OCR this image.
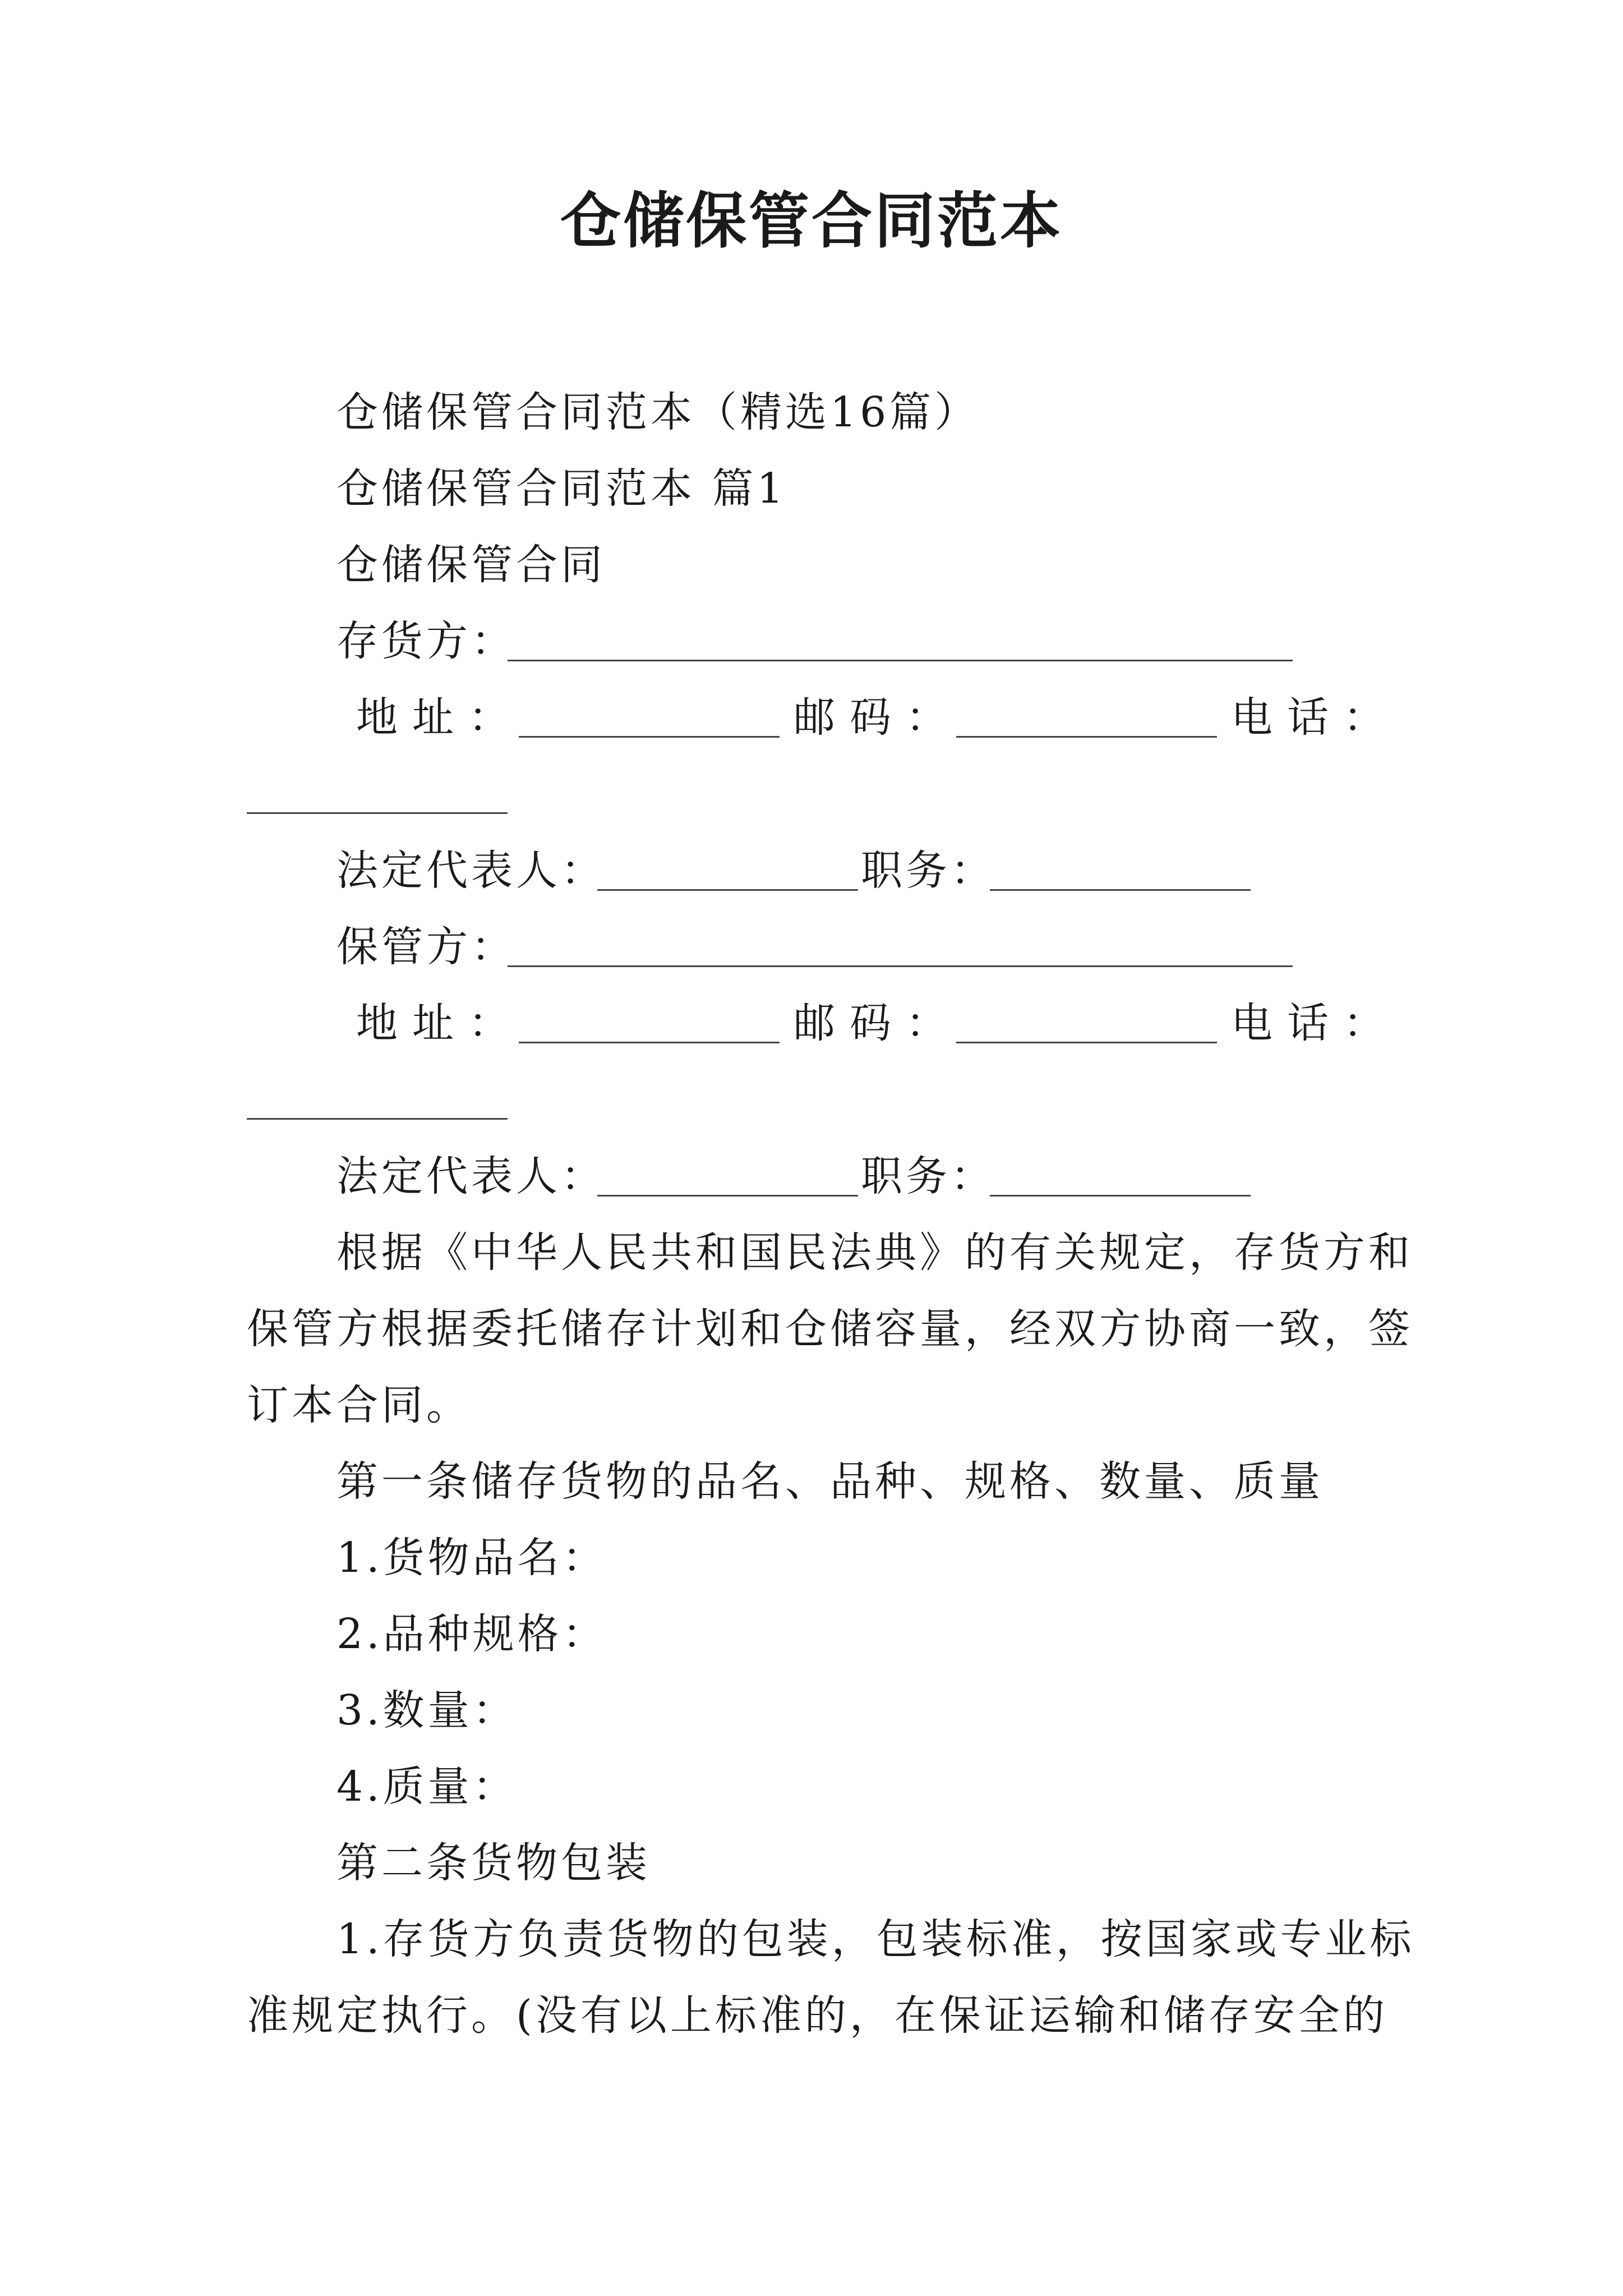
仓储保管合同范本
仓储保管合同范本（精选16篇）
仓储保管合同范本 篇1
仓储保管合同
存货方：
地址：	邮码：	电话：
法定代表人：	职务：
保管方：
地址：	邮码：	电话：
法定代表人：	职务：
根据《中华人民共和国民法典》的有关规定，存货方和
保管方根据委托储存计划和仓储容量，经双方协商一致，签
订本合同。
第一条储存货物的品名、品种、规格、数量、质量
1.货物品名：
2.品种规格：
3.数量：
4.质量：
第二条货物包装
1.存货方负责货物的包装，包装标准，按国家或专业标
准规定执行。(没有以上标准的，在保证运输和储存安全的
